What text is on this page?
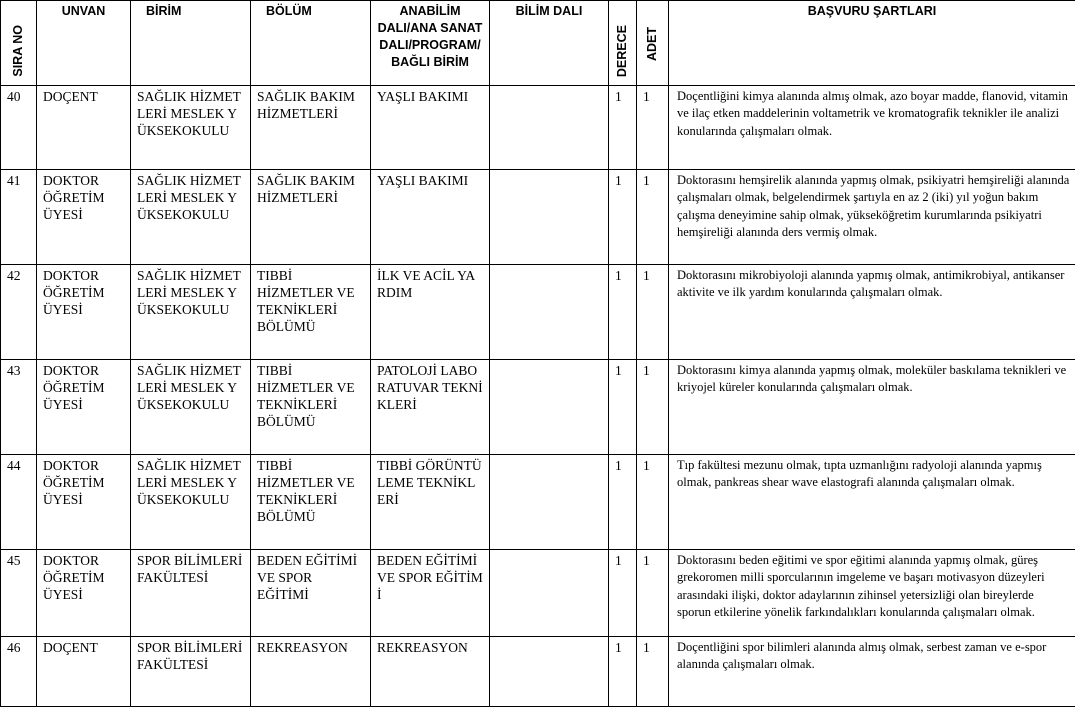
SIRA NO	UNVAN	BİRİM	BÖLÜM	ANABİLİM DALI/ANA SANAT DALI/PROGRAM/ BAĞLI BİRİM	BİLİM DALI	DERECE	ADET	BAŞVURU ŞARTLARI
40	DOÇENT	SAĞLIK HİZMETLERİ MESLEK YÜKSEKOKULU	SAĞLIK BAKIM HİZMETLERİ	YAŞLI BAKIMI		1	1	Doçentliğini kimya alanında almış olmak, azo boyar madde, flanovid, vitamin ve ilaç etken maddelerinin voltametrik ve kromatografik teknikler ile analizi konularında çalışmaları olmak.
41	DOKTOR ÖĞRETİM ÜYESİ	SAĞLIK HİZMETLERİ MESLEK YÜKSEKOKULU	SAĞLIK BAKIM HİZMETLERİ	YAŞLI BAKIMI		1	1	Doktorasını hemşirelik alanında yapmış olmak, psikiyatri hemşireliği alanında çalışmaları olmak, belgelendirmek şartıyla en az 2 (iki) yıl yoğun bakım çalışma deneyimine sahip olmak, yükseköğretim kurumlarında psikiyatri hemşireliği alanında ders vermiş olmak.
42	DOKTOR ÖĞRETİM ÜYESİ	SAĞLIK HİZMETLERİ MESLEK YÜKSEKOKULU	TIBBİ HİZMETLER VE TEKNİKLERİ BÖLÜMÜ	İLK VE ACİL YARDIM		1	1	Doktorasını mikrobiyoloji alanında yapmış olmak, antimikrobiyal, antikanser aktivite ve ilk yardım konularında çalışmaları olmak.
43	DOKTOR ÖĞRETİM ÜYESİ	SAĞLIK HİZMETLERİ MESLEK YÜKSEKOKULU	TIBBİ HİZMETLER VE TEKNİKLERİ BÖLÜMÜ	PATOLOJİ LABORATUVAR TEKNİKLERİ		1	1	Doktorasını kimya alanında yapmış olmak, moleküler baskılama teknikleri ve kriyojel küreler konularında çalışmaları olmak.
44	DOKTOR ÖĞRETİM ÜYESİ	SAĞLIK HİZMETLERİ MESLEK YÜKSEKOKULU	TIBBİ HİZMETLER VE TEKNİKLERİ BÖLÜMÜ	TIBBİ GÖRÜNTÜLEME TEKNİKLERİ		1	1	Tıp fakültesi mezunu olmak, tıpta uzmanlığını radyoloji alanında yapmış olmak, pankreas shear wave elastografi alanında çalışmaları olmak.
45	DOKTOR ÖĞRETİM ÜYESİ	SPOR BİLİMLERİ FAKÜLTESİ	BEDEN EĞİTİMİ VE SPOR EĞİTİMİ	BEDEN EĞİTİMİ VE SPOR EĞİTİMİ		1	1	Doktorasını beden eğitimi ve spor eğitimi alanında yapmış olmak, güreş grekoromen milli sporcularının imgeleme ve başarı motivasyon düzeyleri arasındaki ilişki, doktor adaylarının zihinsel yetersizliği olan bireylerde sporun etkilerine yönelik farkındalıkları konularında çalışmaları olmak.
46	DOÇENT	SPOR BİLİMLERİ FAKÜLTESİ	REKREASYON	REKREASYON		1	1	Doçentliğini spor bilimleri alanında almış olmak, serbest zaman ve e-spor alanında çalışmaları olmak.
